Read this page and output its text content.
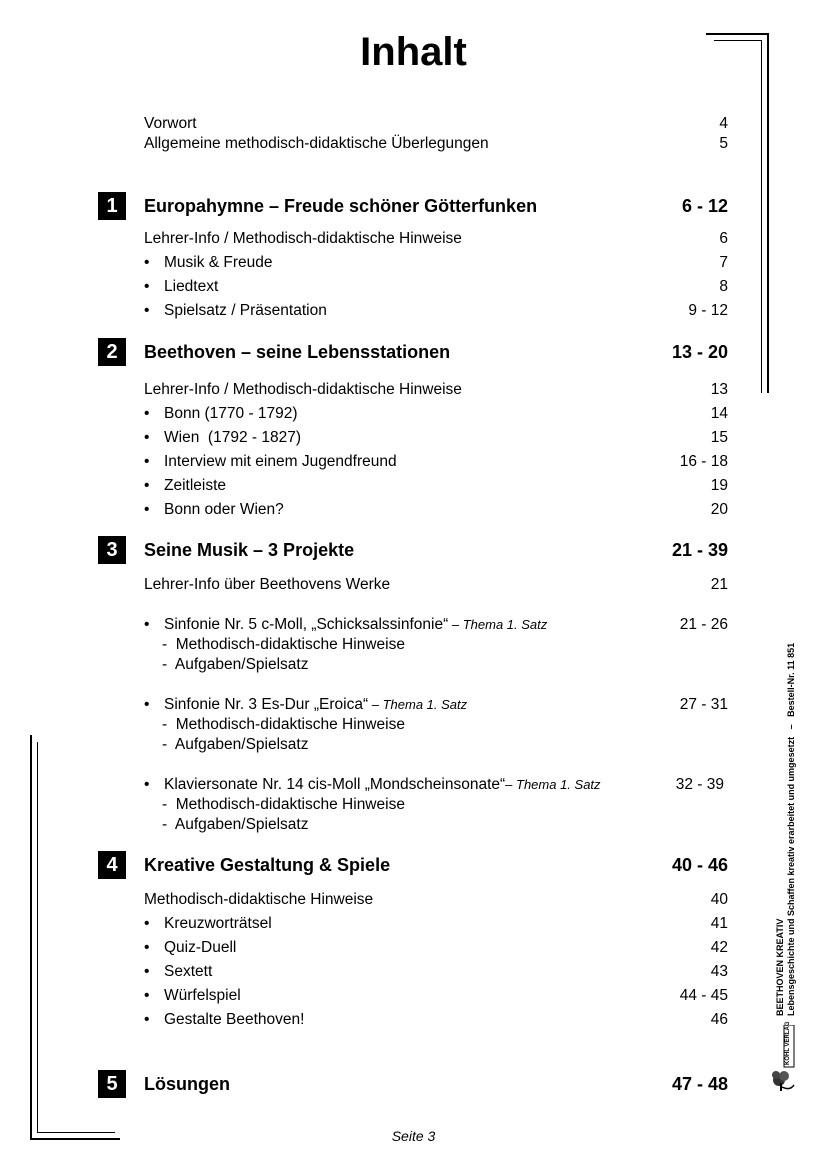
Inhalt
Vorwort	4
Allgemeine methodisch-didaktische Überlegungen	5
1	Europahymne – Freude schöner Götterfunken	6 - 12
Lehrer-Info / Methodisch-didaktische Hinweise	6
• Musik & Freude	7
• Liedtext	8
• Spielsatz / Präsentation	9 - 12
2	Beethoven – seine Lebensstationen	13 - 20
Lehrer-Info / Methodisch-didaktische Hinweise	13
• Bonn (1770 - 1792)	14
• Wien  (1792 - 1827)	15
• Interview mit einem Jugendfreund	16 - 18
• Zeitleiste	19
• Bonn oder Wien?	20
3	Seine Musik – 3 Projekte	21 - 39
Lehrer-Info über Beethovens Werke	21
• Sinfonie Nr. 5 c-Moll, „Schicksalssinfonie“ – Thema 1. Satz	21 - 26
-  Methodisch-didaktische Hinweise
-  Aufgaben/Spielsatz
• Sinfonie Nr. 3 Es-Dur „Eroica“ – Thema 1. Satz	27 - 31
-  Methodisch-didaktische Hinweise
-  Aufgaben/Spielsatz
• Klaviersonate Nr. 14 cis-Moll „Mondscheinsonate“– Thema 1. Satz	32 - 39
-  Methodisch-didaktische Hinweise
-  Aufgaben/Spielsatz
4	Kreative Gestaltung & Spiele	40 - 46
Methodisch-didaktische Hinweise	40
• Kreuzworträtsel	41
• Quiz-Duell	42
• Sextett	43
• Würfelspiel	44 - 45
• Gestalte Beethoven!	46
5	Lösungen	47 - 48
BEETHOVEN KREATIV Lebensgeschichte und Schaffen kreativ erarbeitet und umgesetzt   –   Bestell-Nr. 11 851
KOHL VERLAG
Seite 3
